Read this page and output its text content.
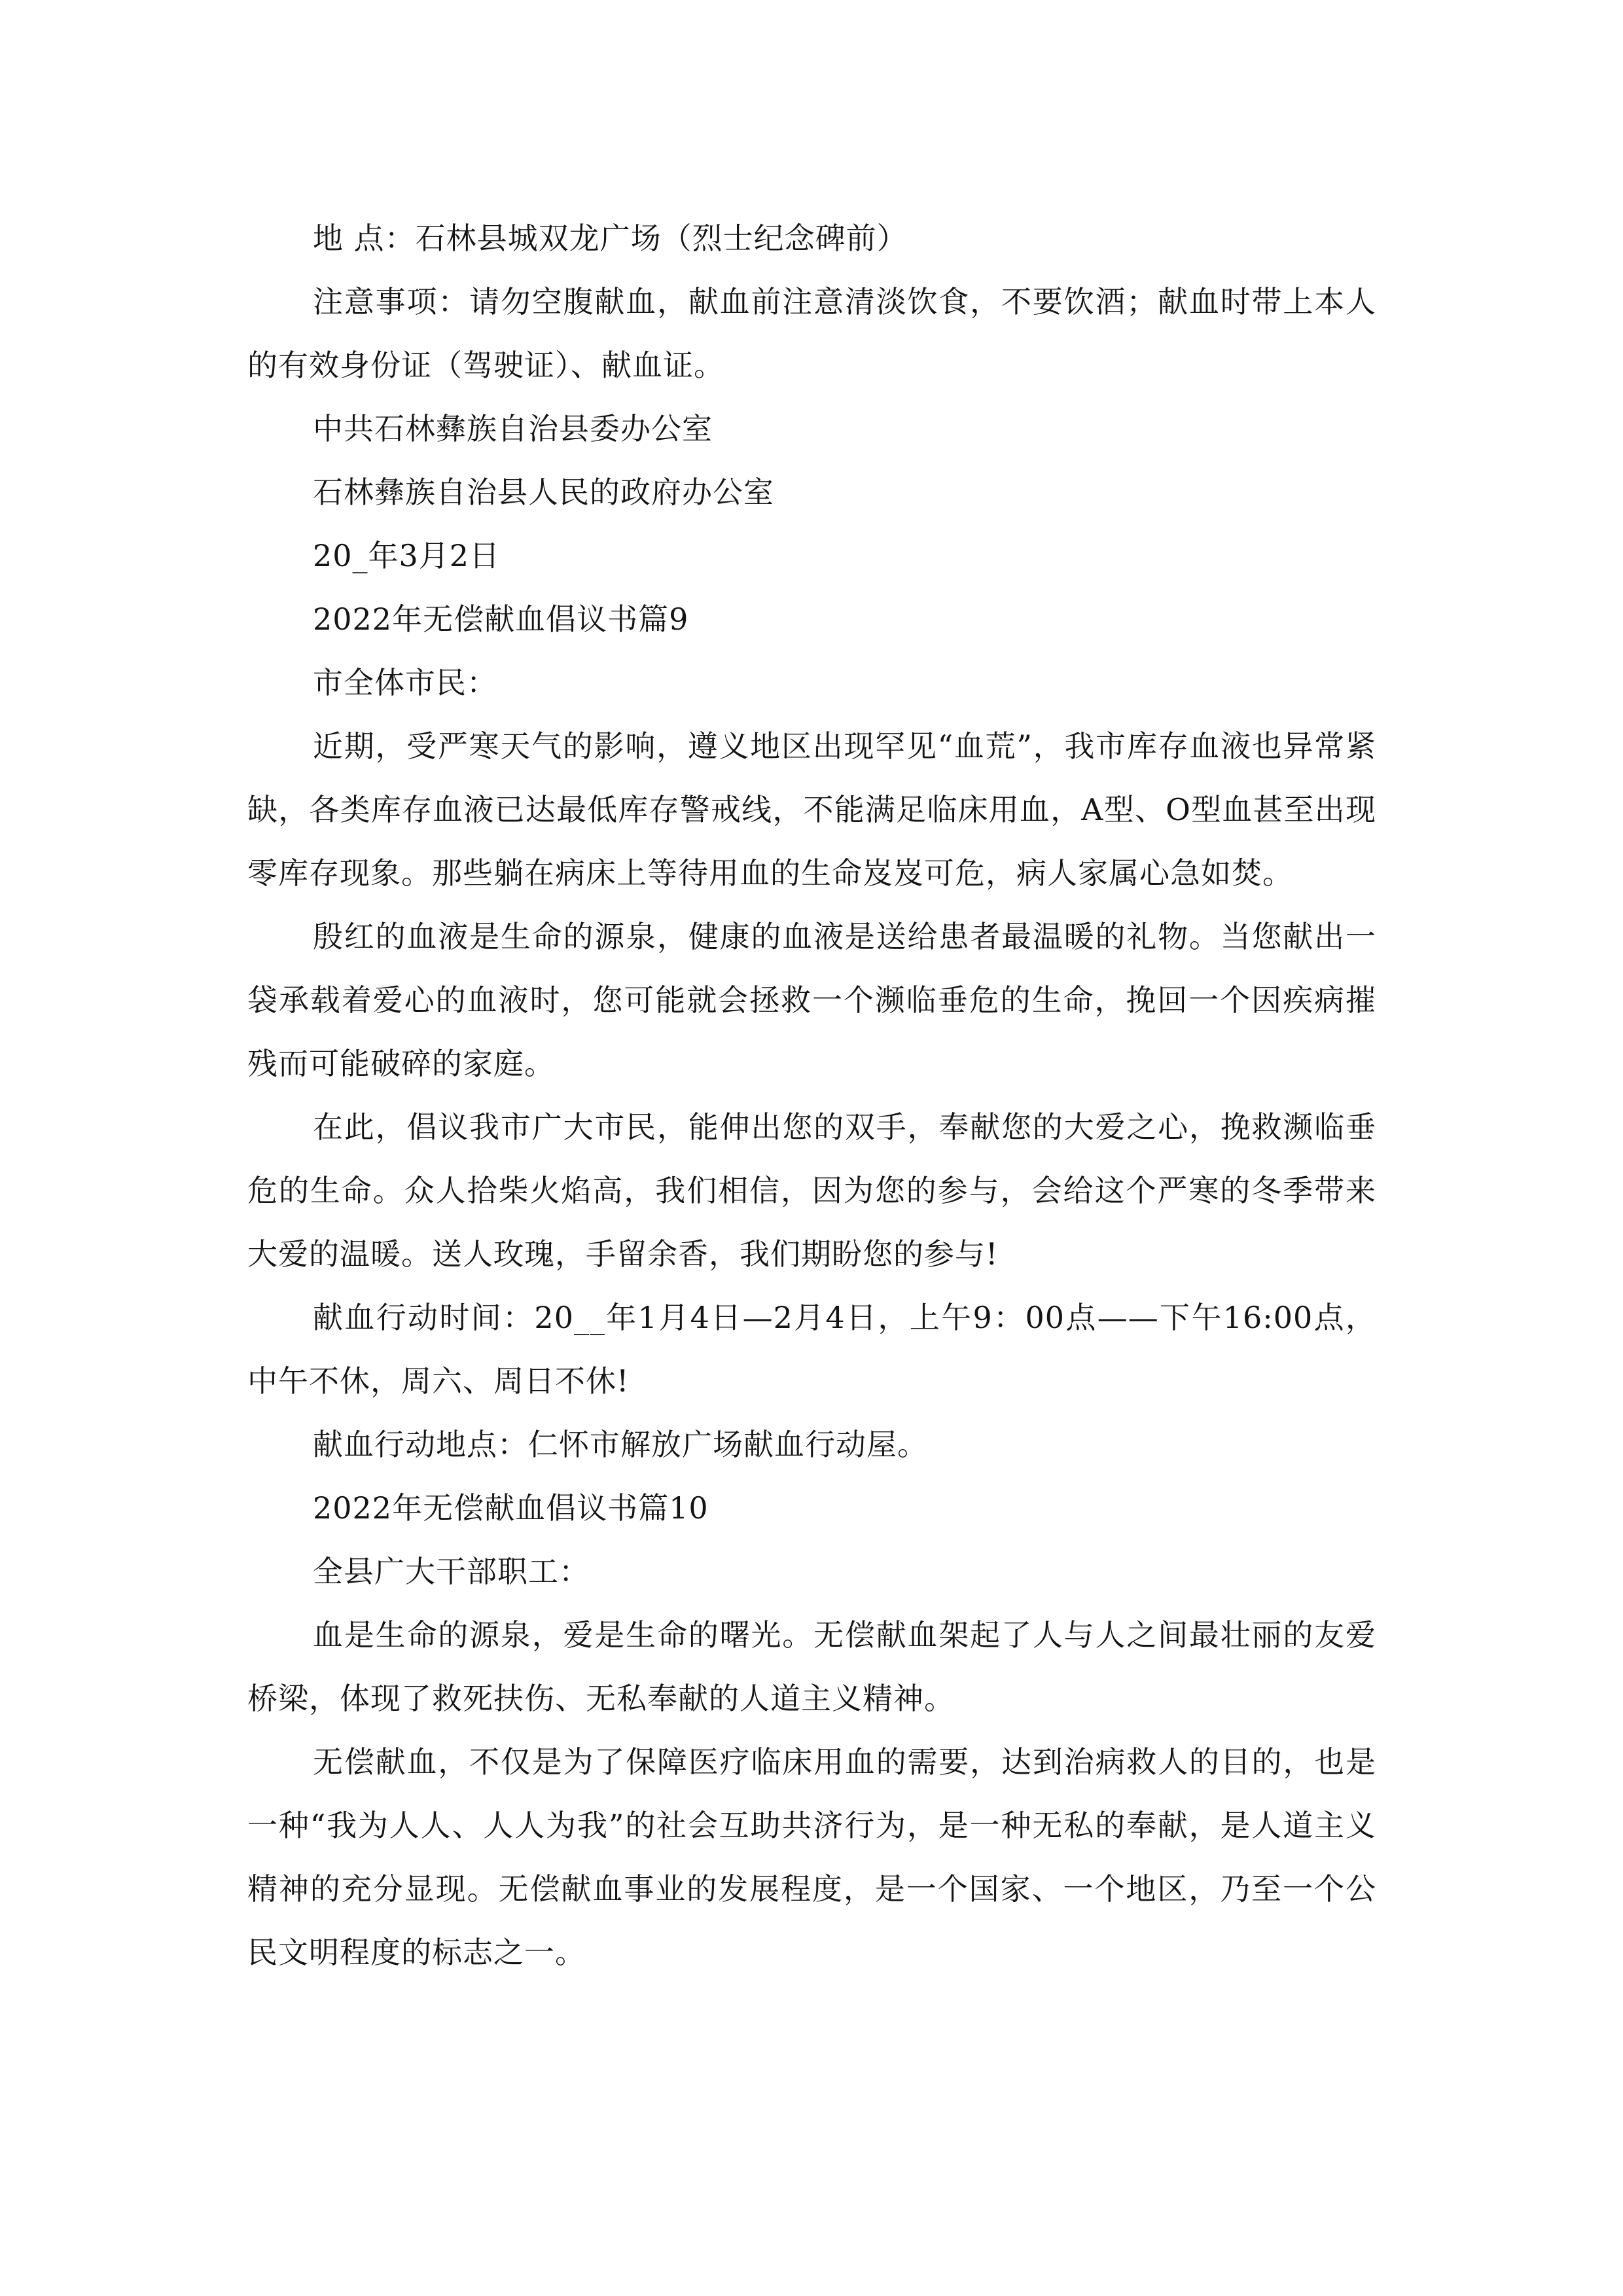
地 点：石林县城双龙广场（烈士纪念碑前）

注意事项：请勿空腹献血，献血前注意清淡饮食，不要饮酒；献血时带上本人的有效身份证（驾驶证）、献血证。

中共石林彝族自治县委办公室

石林彝族自治县人民的政府办公室

20_年3月2日

2022年无偿献血倡议书篇9

市全体市民：

近期，受严寒天气的影响，遵义地区出现罕见“血荒”，我市库存血液也异常紧缺，各类库存血液已达最低库存警戒线，不能满足临床用血，A型、O型血甚至出现零库存现象。那些躺在病床上等待用血的生命岌岌可危，病人家属心急如焚。

殷红的血液是生命的源泉，健康的血液是送给患者最温暖的礼物。当您献出一袋承载着爱心的血液时，您可能就会拯救一个濒临垂危的生命，挽回一个因疾病摧残而可能破碎的家庭。

在此，倡议我市广大市民，能伸出您的双手，奉献您的大爱之心，挽救濒临垂危的生命。众人拾柴火焰高，我们相信，因为您的参与，会给这个严寒的冬季带来大爱的温暖。送人玫瑰，手留余香，我们期盼您的参与!

献血行动时间：20__年1月4日—2月4日，上午9：00点——下午16:00点，中午不休，周六、周日不休!

献血行动地点：仁怀市解放广场献血行动屋。

2022年无偿献血倡议书篇10

全县广大干部职工：

血是生命的源泉，爱是生命的曙光。无偿献血架起了人与人之间最壮丽的友爱桥梁，体现了救死扶伤、无私奉献的人道主义精神。

无偿献血，不仅是为了保障医疗临床用血的需要，达到治病救人的目的，也是一种“我为人人、人人为我”的社会互助共济行为，是一种无私的奉献，是人道主义精神的充分显现。无偿献血事业的发展程度，是一个国家、一个地区，乃至一个公民文明程度的标志之一。
